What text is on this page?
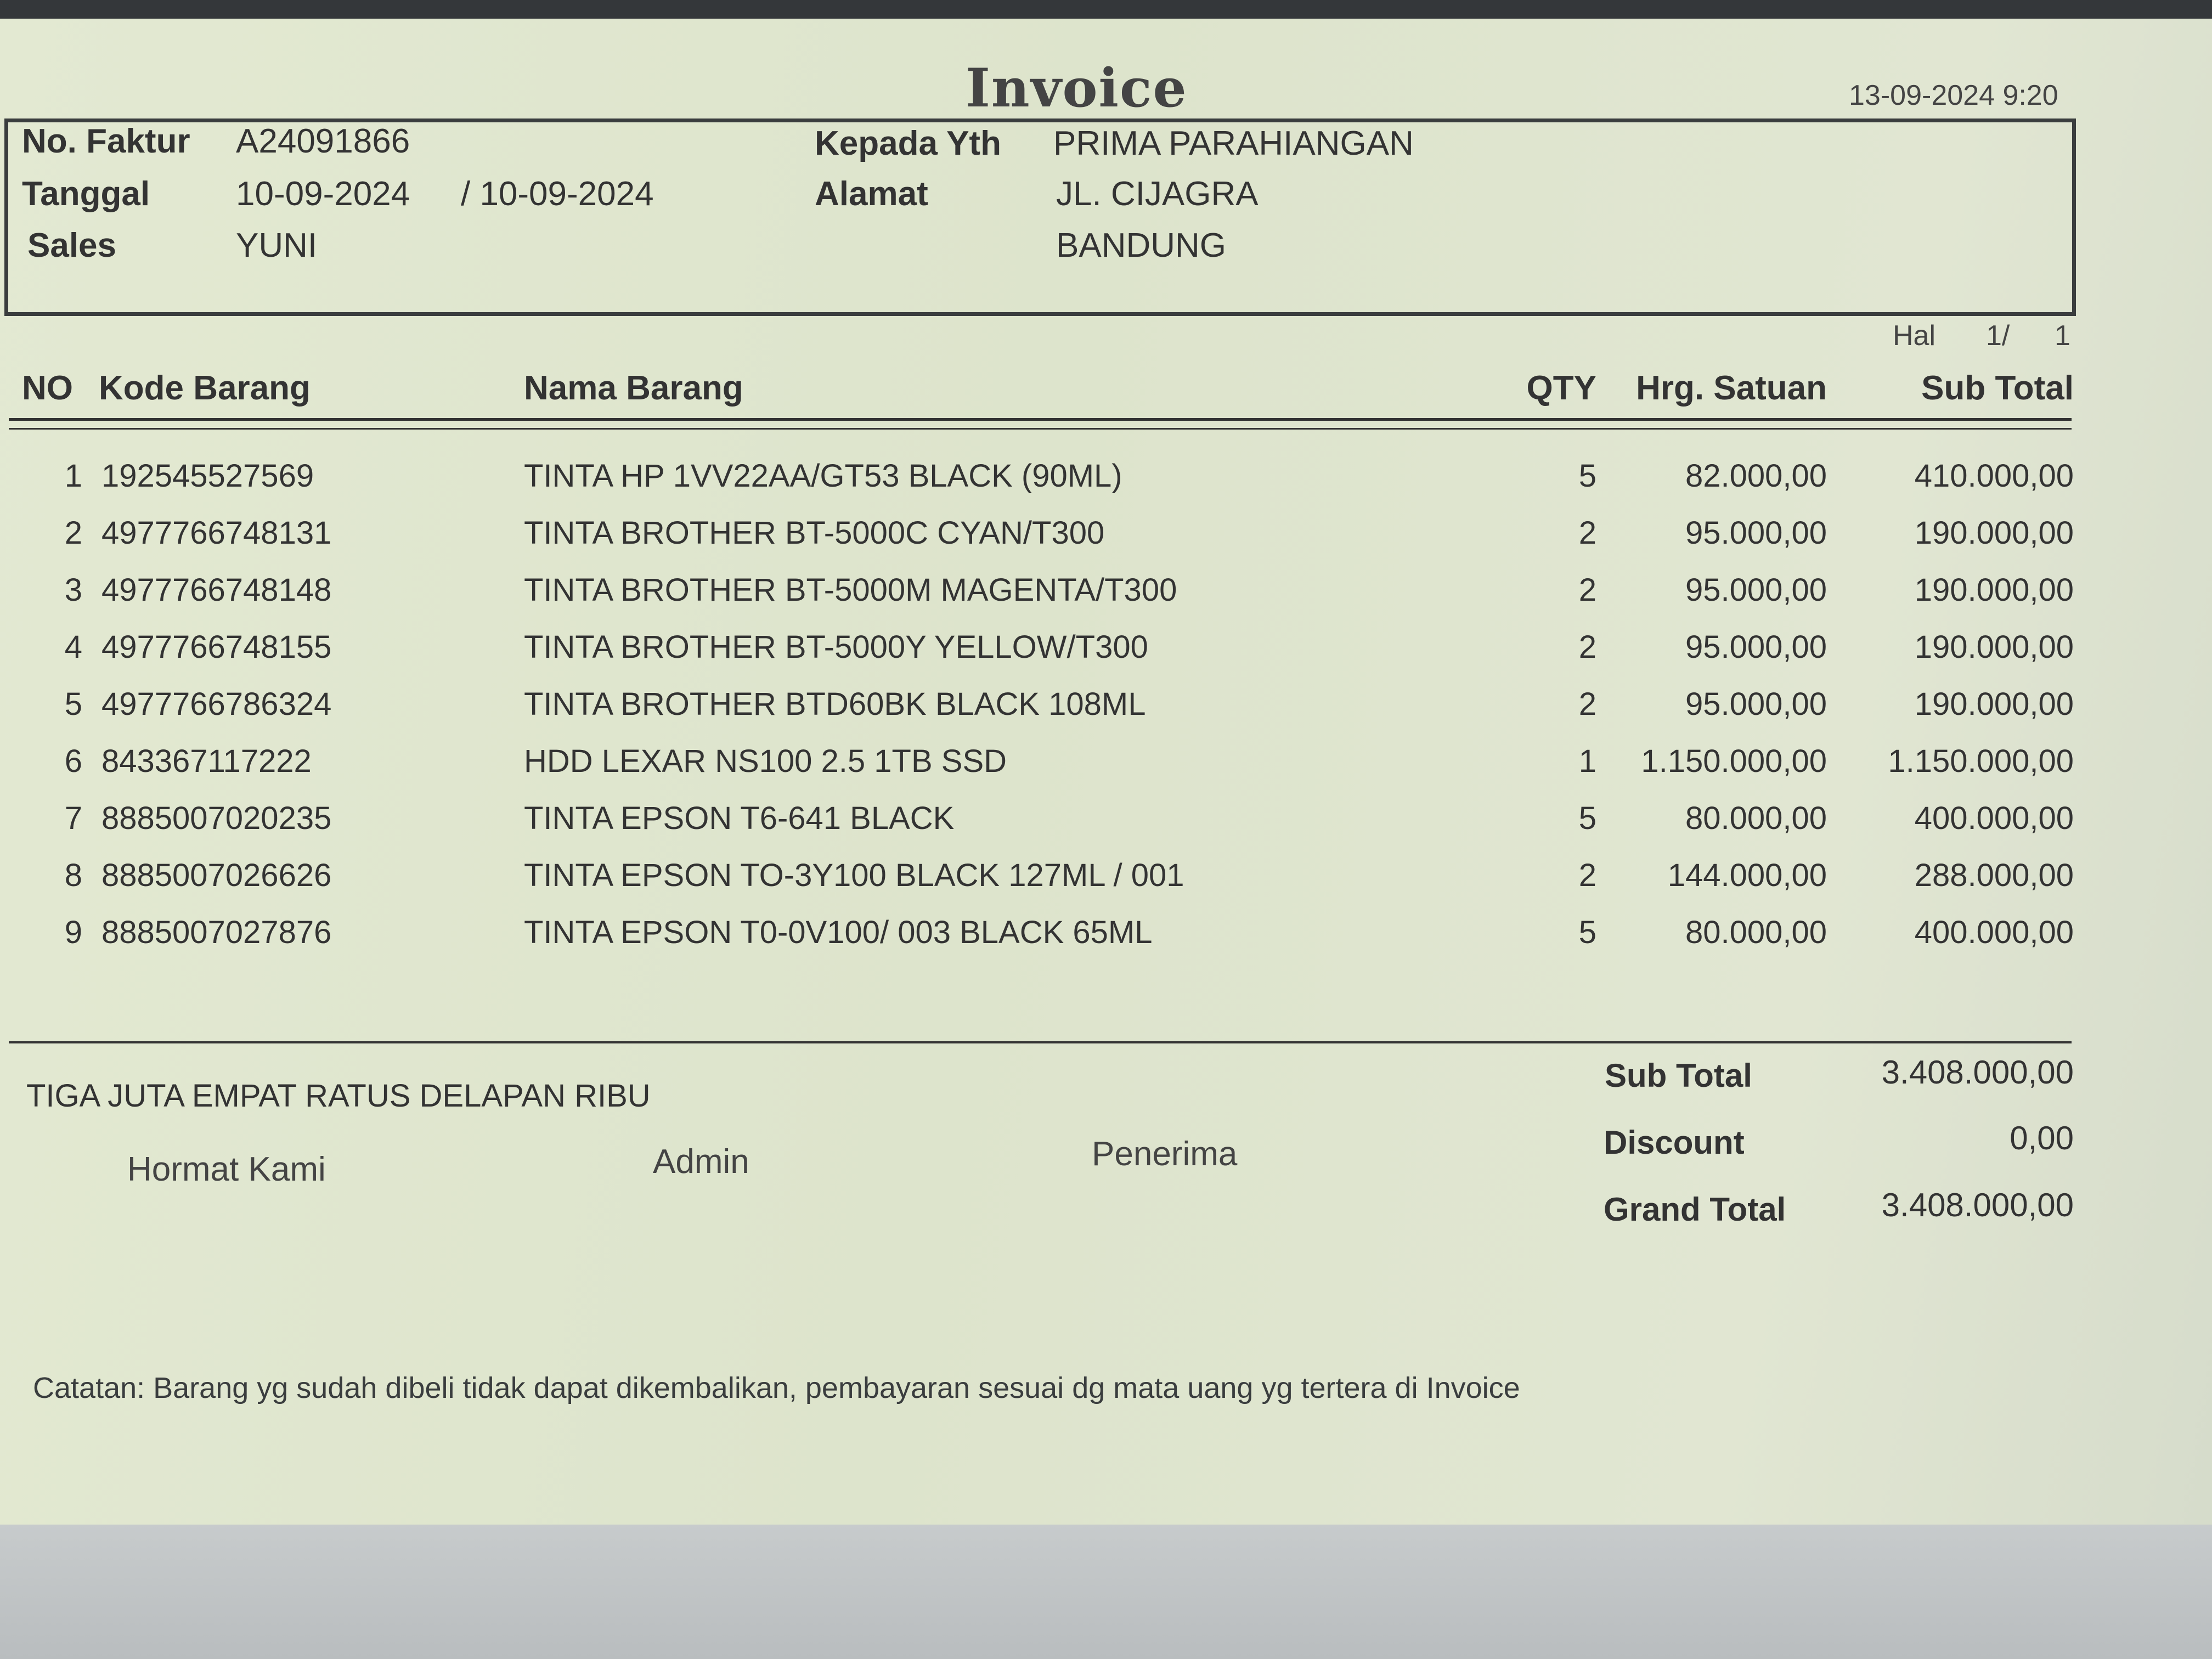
Invoice	13-09-2024 9:20
No. Faktur A24091866
Tanggal	10-09-2024 / 10-09-2024
Sales	YUNI
Kepada Yth PRIMA PARAHIANGAN
Alamat	JL. CIJAGRA
BANDUNG
Hal 1/ 1
NO Kode Barang	Nama Barang	QTY	Hrg. Satuan	Sub Total
1 192545527569	TINTA HP 1VV22AA/GT53 BLACK (90ML)	5	82.000,00	410.000,00
2 4977766748131	TINTA BROTHER BT-5000C CYAN/T300	2	95.000,00	190.000,00
3 4977766748148	TINTA BROTHER BT-5000M MAGENTA/T300	2	95.000,00	190.000,00
4 4977766748155	TINTA BROTHER BT-5000Y YELLOW/T300	2	95.000,00	190.000,00
5 4977766786324	TINTA BROTHER BTD60BK BLACK 108ML	2	95.000,00	190.000,00
6 843367117222	HDD LEXAR NS100 2.5 1TB SSD	1	1.150.000,00	1.150.000,00
7 8885007020235	TINTA EPSON T6-641 BLACK	5	80.000,00	400.000,00
8 8885007026626	TINTA EPSON TO-3Y100 BLACK 127ML / 001	2	144.000,00	288.000,00
9 8885007027876	TINTA EPSON T0-0V100/ 003 BLACK 65ML	5	80.000,00	400.000,00
TIGA JUTA EMPAT RATUS DELAPAN RIBU
Hormat Kami	Admin	Penerima
Sub Total	3.408.000,00
Discount	0,00
Grand Total	3.408.000,00
Catatan: Barang yg sudah dibeli tidak dapat dikembalikan, pembayaran sesuai dg mata uang yg tertera di Invoice
